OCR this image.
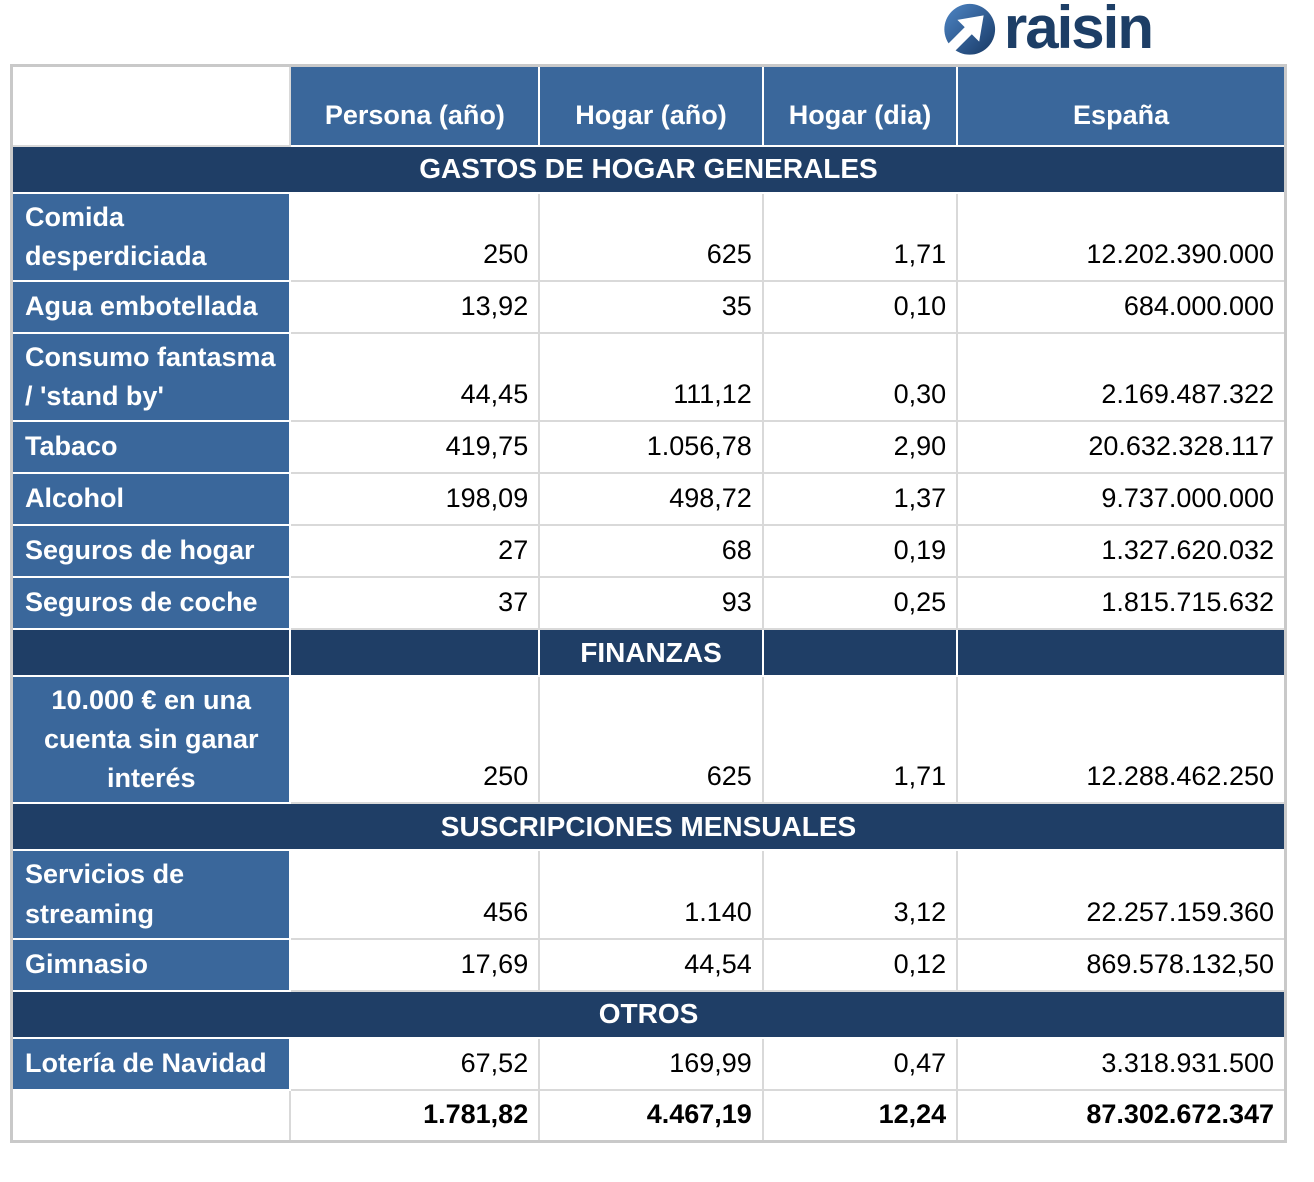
raisin
	Persona (año)	Hogar (año)	Hogar (dia)	España
GASTOS DE HOGAR GENERALES				
Comida desperdiciada	250	625	1,71	12.202.390.000
Agua embotellada	13,92	35	0,10	684.000.000
Consumo fantasma / 'stand by'	44,45	111,12	0,30	2.169.487.322
Tabaco	419,75	1.056,78	2,90	20.632.328.117
Alcohol	198,09	498,72	1,37	9.737.000.000
Seguros de hogar	27	68	0,19	1.327.620.032
Seguros de coche	37	93	0,25	1.815.715.632
		FINANZAS		
10.000 € en una cuenta sin ganar interés	250	625	1,71	12.288.462.250
SUSCRIPCIONES MENSUALES				
Servicios de streaming	456	1.140	3,12	22.257.159.360
Gimnasio	17,69	44,54	0,12	869.578.132,50
OTROS				
Lotería de Navidad	67,52	169,99	0,47	3.318.931.500
	1.781,82	4.467,19	12,24	87.302.672.347
